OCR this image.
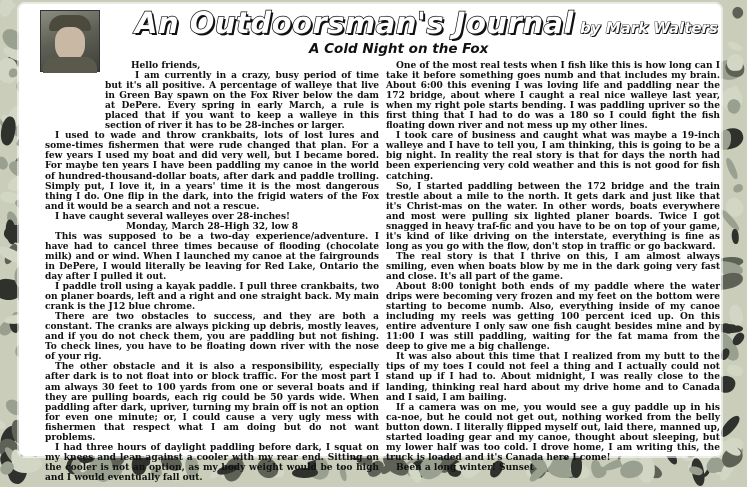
An Outdoorsman's Journal by Mark Walters
A Cold Night on the Fox

Hello friends,

I am currently in a crazy, busy period of time but it's all positive. A percentage of walleye that live in Green Bay spawn on the Fox River below the dam at DePere. Every spring in early March, a rule is placed that if you want to keep a walleye in this section of river it has to be 28-inches or larger.

I used to wade and throw crankbaits, lots of lost lures and some-times fishermen that were rude changed that plan. For a few years I used my boat and did very well, but I became bored. For maybe ten years I have been paddling my canoe in the world of hundred-thousand-dollar boats, after dark and paddle trolling. Simply put, I love it, in a years' time it is the most dangerous thing I do. One flip in the dark, into the frigid waters of the Fox and it would be a search and not a rescue.

I have caught several walleyes over 28-inches!

Monday, March 28–High 32, low 8

This was supposed to be a two-day experience/adventure. I have had to cancel three times because of flooding (chocolate milk) and or wind. When I launched my canoe at the fairgrounds in DePere, I would literally be leaving for Red Lake, Ontario the day after I pulled it out.

I paddle troll using a kayak paddle. I pull three crankbaits, two on planer boards, left and a right and one straight back. My main crank is the J12 blue chrome.

There are two obstacles to success, and they are both a constant. The cranks are always picking up debris, mostly leaves, and if you do not check them, you are paddling but not fishing. To check lines, you have to be floating down river with the nose of your rig.

The other obstacle and it is also a responsibility, especially after dark is to not float into or block traffic. For the most part I am always 30 feet to 100 yards from one or several boats and if they are pulling boards, each rig could be 50 yards wide. When paddling after dark, upriver, turning my brain off is not an option for even one minute; or, I could cause a very ugly mess with fishermen that respect what I am doing but do not want problems.

I had three hours of daylight paddling before dark, I squat on my knees and lean against a cooler with my rear end. Sitting on the cooler is not an option, as my body weight would be too high and I would eventually fall out.

One of the most real tests when I fish like this is how long can I take it before something goes numb and that includes my brain. About 6:00 this evening I was loving life and paddling near the 172 bridge, about where I caught a real nice walleye last year, when my right pole starts bending. I was paddling upriver so the first thing that I had to do was a 180 so I could fight the fish floating down river and not mess up my other lines.

I took care of business and caught what was maybe a 19-inch walleye and I have to tell you, I am thinking, this is going to be a big night. In reality the real story is that for days the north had been experiencing very cold weather and this is not good for fish catching.

So, I started paddling between the 172 bridge and the train trestle about a mile to the north. It gets dark and just like that it's Christ-mas on the water. In other words, boats everywhere and most were pulling six lighted planer boards. Twice I got snagged in heavy traf-fic and you have to be on top of your game, it's kind of like driving on the interstate, everything is fine as long as you go with the flow, don't stop in traffic or go backward.

The real story is that I thrive on this, I am almost always smiling, even when boats blow by me in the dark going very fast and close. It's all part of the game.

About 8:00 tonight both ends of my paddle where the water drips were becoming very frozen and my feet on the bottom were starting to become numb. Also, everything inside of my canoe including my reels was getting 100 percent iced up. On this entire adventure I only saw one fish caught besides mine and by 11:00 I was still paddling, waiting for the fat mama from the deep to give me a big challenge.

It was also about this time that I realized from my butt to the tips of my toes I could not feel a thing and I actually could not stand up if I had to. About midnight, I was really close to the landing, thinking real hard about my drive home and to Canada and I said, I am bailing.

If a camera was on me, you would see a guy paddle up in his ca-noe, but he could not get out, nothing worked from the belly button down. I literally flipped myself out, laid there, manned up, started loading gear and my canoe, thought about sleeping, but my lower half was too cold. I drove home, I am writing this, the truck is loaded and it's Canada here I come!

Been a long winter! Sunset
